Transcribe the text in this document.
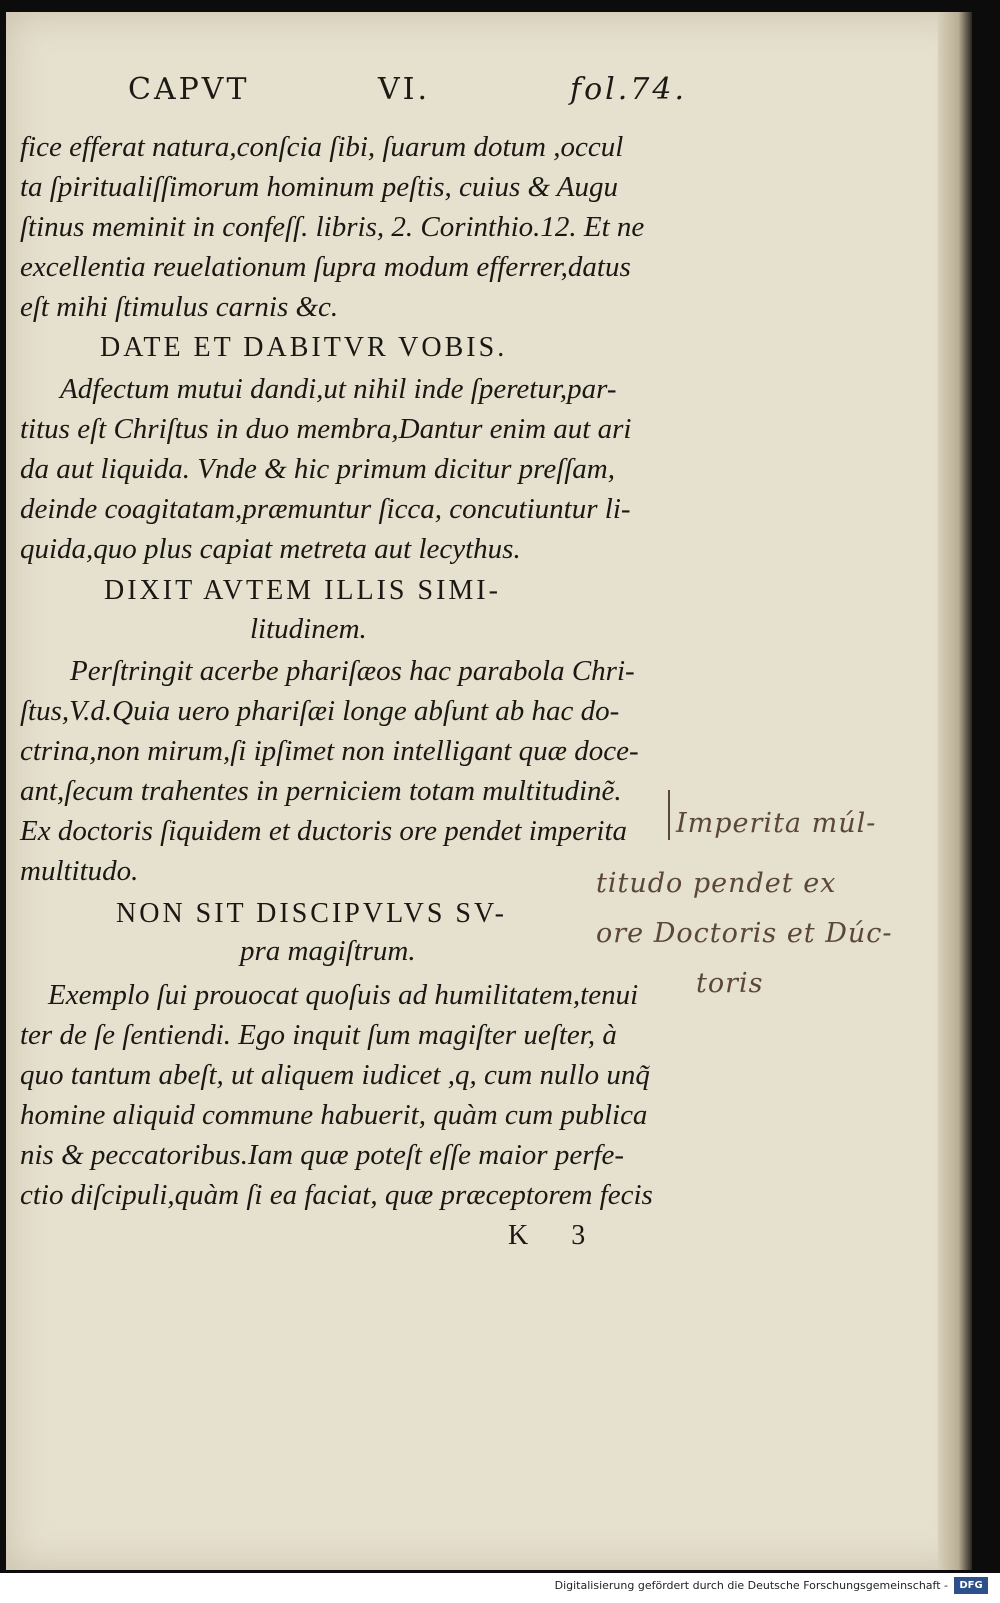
CAPVT	VI.	fol.74.
fice efferat natura,conſcia ſibi, ſuarum dotum ,occul
ta ſpiritualiſſimorum hominum peſtis, cuius & Augu
ſtinus meminit in confeſſ. libris, 2. Corinthio.12. Et ne
excellentia reuelationum ſupra modum efferrer,datus
eſt mihi ſtimulus carnis &c.
DATE ET DABITVR VOBIS.
Adfectum mutui dandi,ut nihil inde ſperetur,par-
titus eſt Chriſtus in duo membra,Dantur enim aut ari
da aut liquida. Vnde & hic primum dicitur preſſam,
deinde coagitatam,præmuntur ſicca, concutiuntur li-
quida,quo plus capiat metreta aut lecythus.
DIXIT AVTEM ILLIS SIMI-
litudinem.
Perſtringit acerbe phariſæos hac parabola Chri-
ſtus,V.d.Quia uero phariſæi longe abſunt ab hac do-
ctrina,non mirum,ſi ipſimet non intelligant quæ doce-
ant,ſecum trahentes in perniciem totam multitudinẽ.
Ex doctoris ſiquidem et ductoris ore pendet imperita
multitudo.
NON SIT DISCIPVLVS SV-
pra magiſtrum.
Exemplo ſui prouocat quoſuis ad humilitatem,tenui
ter de ſe ſentiendi. Ego inquit ſum magiſter ueſter, à
quo tantum abeſt, ut aliquem iudicet ,q, cum nullo unq̃
homine aliquid commune habuerit, quàm cum publica
nis & peccatoribus.Iam quæ poteſt eſſe maior perfe-
ctio diſcipuli,quàm ſi ea faciat, quæ præceptorem fecis
K 3
Imperita múl-
titudo pendet ex
ore Doctoris et Dúc-
toris
Digitalisierung gefördert durch die Deutsche Forschungsgemeinschaft -	DFG
